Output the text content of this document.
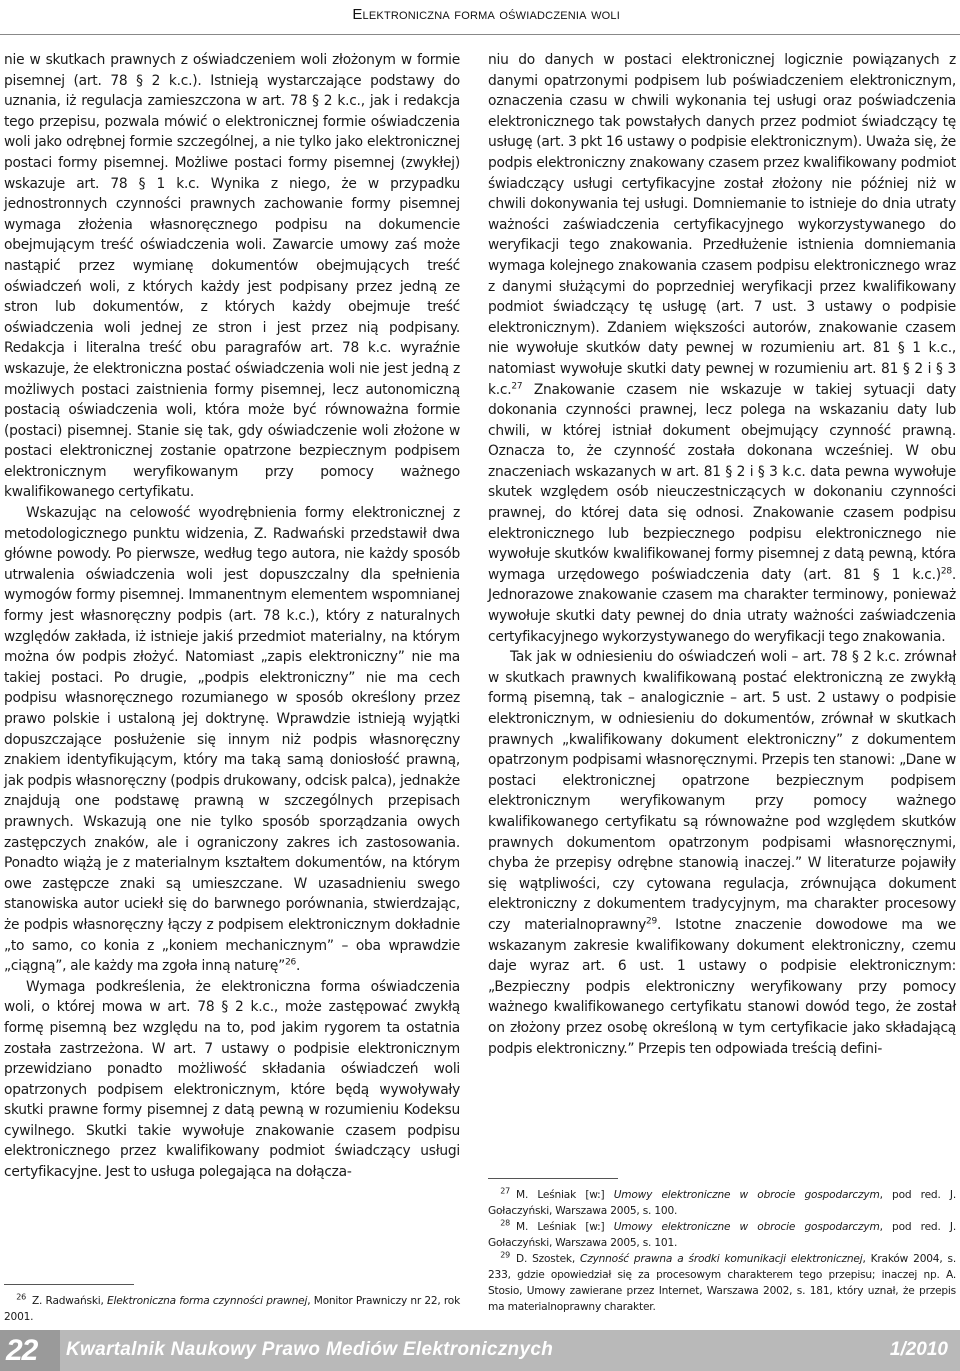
Elektroniczna forma oświadczenia woli

nie w skutkach prawnych z oświadczeniem woli złożonym w formie pisemnej (art. 78 § 2 k.c.). Istnieją wystarczające podstawy do uznania, iż regulacja zamieszczona w art. 78 § 2 k.c., jak i redakcja tego przepisu, pozwala mówić o elektronicznej formie oświadczenia woli jako odrębnej formie szczególnej, a nie tylko jako elektronicznej postaci formy pisemnej. Możliwe postaci formy pisemnej (zwykłej) wskazuje art. 78 § 1 k.c. Wynika z niego, że w przypadku jednostronnych czynności prawnych zachowanie formy pisemnej wymaga złożenia własnoręcznego podpisu na dokumencie obejmującym treść oświadczenia woli. Zawarcie umowy zaś może nastąpić przez wymianę dokumentów obejmujących treść oświadczeń woli, z których każdy jest podpisany przez jedną ze stron lub dokumentów, z których każdy obejmuje treść oświadczenia woli jednej ze stron i jest przez nią podpisany. Redakcja i literalna treść obu paragrafów art. 78 k.c. wyraźnie wskazuje, że elektroniczna postać oświadczenia woli nie jest jedną z możliwych postaci zaistnienia formy pisemnej, lecz autonomiczną postacią oświadczenia woli, która może być równoważna formie (postaci) pisemnej. Stanie się tak, gdy oświadczenie woli złożone w postaci elektronicznej zostanie opatrzone bezpiecznym podpisem elektronicznym weryfikowanym przy pomocy ważnego kwalifikowanego certyfikatu.

Wskazując na celowość wyodrębnienia formy elektronicznej z metodologicznego punktu widzenia, Z. Radwański przedstawił dwa główne powody. Po pierwsze, według tego autora, nie każdy sposób utrwalenia oświadczenia woli jest dopuszczalny dla spełnienia wymogów formy pisemnej. Immanentnym elementem wspomnianej formy jest własnoręczny podpis (art. 78 k.c.), który z naturalnych względów zakłada, iż istnieje jakiś przedmiot materialny, na którym można ów podpis złożyć. Natomiast „zapis elektroniczny” nie ma takiej postaci. Po drugie, „podpis elektroniczny” nie ma cech podpisu własnoręcznego rozumianego w sposób określony przez prawo polskie i ustaloną jej doktrynę. Wprawdzie istnieją wyjątki dopuszczające posłużenie się innym niż podpis własnoręczny znakiem identyfikującym, który ma taką samą doniosłość prawną, jak podpis własnoręczny (podpis drukowany, odcisk palca), jednakże znajdują one podstawę prawną w szczególnych przepisach prawnych. Wskazują one nie tylko sposób sporządzania owych zastępczych znaków, ale i ograniczony zakres ich zastosowania. Ponadto wiążą je z materialnym kształtem dokumentów, na którym owe zastępcze znaki są umieszczane. W uzasadnieniu swego stanowiska autor uciekł się do barwnego porównania, stwierdzając, że podpis własnoręczny łączy z podpisem elektronicznym dokładnie „to samo, co konia z „koniem mechanicznym” – oba wprawdzie „ciągną”, ale każdy ma zgoła inną naturę”$^{26}$.

Wymaga podkreślenia, że elektroniczna forma oświadczenia woli, o której mowa w art. 78 § 2 k.c., może zastępować zwykłą formę pisemną bez względu na to, pod jakim rygorem ta ostatnia została zastrzeżona. W art. 7 ustawy o podpisie elektronicznym przewidziano ponadto możliwość składania oświadczeń woli opatrzonych podpisem elektronicznym, które będą wywoływały skutki prawne formy pisemnej z datą pewną w rozumieniu Kodeksu cywilnego. Skutki takie wywołuje znakowanie czasem podpisu elektronicznego przez kwalifikowany podmiot świadczący usługi certyfikacyjne. Jest to usługa polegająca na dołącza-

niu do danych w postaci elektronicznej logicznie powiązanych z danymi opatrzonymi podpisem lub poświadczeniem elektronicznym, oznaczenia czasu w chwili wykonania tej usługi oraz poświadczenia elektronicznego tak powstałych danych przez podmiot świadczący tę usługę (art. 3 pkt 16 ustawy o podpisie elektronicznym). Uważa się, że podpis elektroniczny znakowany czasem przez kwalifikowany podmiot świadczący usługi certyfikacyjne został złożony nie później niż w chwili dokonywania tej usługi. Domniemanie to istnieje do dnia utraty ważności zaświadczenia certyfikacyjnego wykorzystywanego do weryfikacji tego znakowania. Przedłużenie istnienia domniemania wymaga kolejnego znakowania czasem podpisu elektronicznego wraz z danymi służącymi do poprzedniej weryfikacji przez kwalifikowany podmiot świadczący tę usługę (art. 7 ust. 3 ustawy o podpisie elektronicznym). Zdaniem większości autorów, znakowanie czasem nie wywołuje skutków daty pewnej w rozumieniu art. 81 § 1 k.c., natomiast wywołuje skutki daty pewnej w rozumieniu art. 81 § 2 i § 3 k.c.$^{27}$ Znakowanie czasem nie wskazuje w takiej sytuacji daty dokonania czynności prawnej, lecz polega na wskazaniu daty lub chwili, w której istniał dokument obejmujący czynność prawną. Oznacza to, że czynność została dokonana wcześniej. W obu znaczeniach wskazanych w art. 81 § 2 i § 3 k.c. data pewna wywołuje skutek względem osób nieuczestniczących w dokonaniu czynności prawnej, do której data się odnosi. Znakowanie czasem podpisu elektronicznego lub bezpiecznego podpisu elektronicznego nie wywołuje skutków kwalifikowanej formy pisemnej z datą pewną, która wymaga urzędowego poświadczenia daty (art. 81 § 1 k.c.)$^{28}$. Jednorazowe znakowanie czasem ma charakter terminowy, ponieważ wywołuje skutki daty pewnej do dnia utraty ważności zaświadczenia certyfikacyjnego wykorzystywanego do weryfikacji tego znakowania.

Tak jak w odniesieniu do oświadczeń woli – art. 78 § 2 k.c. zrównał w skutkach prawnych kwalifikowaną postać elektroniczną ze zwykłą formą pisemną, tak – analogicznie – art. 5 ust. 2 ustawy o podpisie elektronicznym, w odniesieniu do dokumentów, zrównał w skutkach prawnych „kwalifikowany dokument elektroniczny” z dokumentem opatrzonym podpisami własnoręcznymi. Przepis ten stanowi: „Dane w postaci elektronicznej opatrzone bezpiecznym podpisem elektronicznym weryfikowanym przy pomocy ważnego kwalifikowanego certyfikatu są równoważne pod względem skutków prawnych dokumentom opatrzonym podpisami własnoręcznymi, chyba że przepisy odrębne stanowią inaczej.” W literaturze pojawiły się wątpliwości, czy cytowana regulacja, zrównująca dokument elektroniczny z dokumentem tradycyjnym, ma charakter procesowy czy materialnoprawny$^{29}$. Istotne znaczenie dowodowe ma we wskazanym zakresie kwalifikowany dokument elektroniczny, czemu daje wyraz art. 6 ust. 1 ustawy o podpisie elektronicznym: „Bezpieczny podpis elektroniczny weryfikowany przy pomocy ważnego kwalifikowanego certyfikatu stanowi dowód tego, że został on złożony przez osobę określoną w tym certyfikacie jako składającą podpis elektroniczny.” Przepis ten odpowiada treścią defini-

$^{26}$ Z. Radwański, Elektroniczna forma czynności prawnej, Monitor Prawniczy nr 22, rok 2001.

$^{27}$ M. Leśniak [w:] Umowy elektroniczne w obrocie gospodarczym, pod red. J. Gołaczyński, Warszawa 2005, s. 100.

$^{28}$ M. Leśniak [w:] Umowy elektroniczne w obrocie gospodarczym, pod red. J. Gołaczyński, Warszawa 2005, s. 101.

$^{29}$ D. Szostek, Czynność prawna a środki komunikacji elektronicznej, Kraków 2004, s. 233, gdzie opowiedział się za procesowym charakterem tego przepisu; inaczej np. A. Stosio, Umowy zawierane przez Internet, Warszawa 2002, s. 181, który uznał, że przepis ma materialnoprawny charakter.

22 Kwartalnik Naukowy Prawo Mediów Elektronicznych	1/2010
